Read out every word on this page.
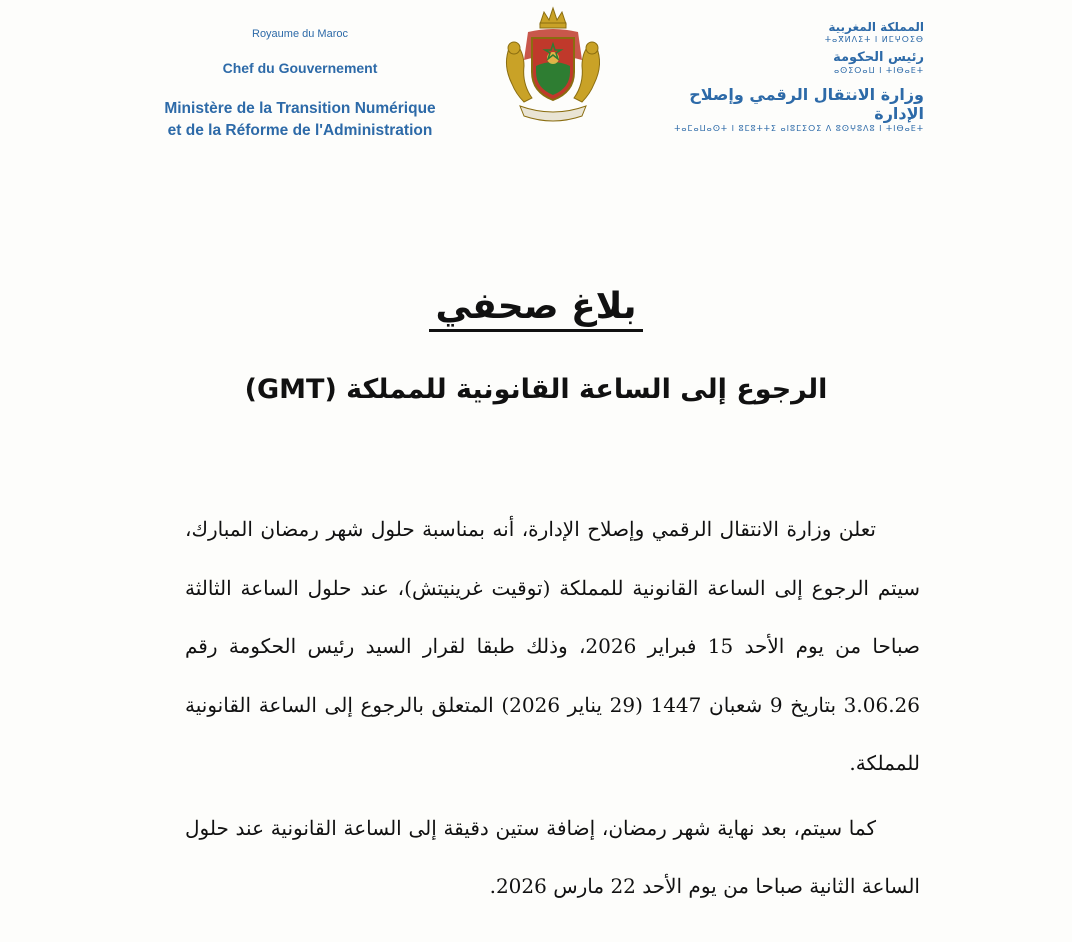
Royaume du Maroc
Chef du Gouvernement
Ministère de la Transition Numérique
et de la Réforme de l'Administration
المملكة المغربية
ⵜⴰⴳⵍⴷⵉⵜ ⵏ ⵍⵎⵖⵔⵉⴱ
رئيس الحكومة
ⴰⵙⵉⵔⴰⵡ ⵏ ⵜⵏⴱⴰⴹⵜ
وزارة الانتقال الرقمي وإصلاح الإدارة
ⵜⴰⵎⴰⵡⴰⵙⵜ ⵏ ⵓⵎⵓⵜⵜⵉ ⴰⵏⵓⵎⵉⵔⵉ ⴷ ⵓⵙⵖⵓⴷⵓ ⵏ ⵜⵏⴱⴰⴹⵜ
بلاغ صحفي
الرجوع إلى الساعة القانونية للمملكة (GMT)

تعلن وزارة الانتقال الرقمي وإصلاح الإدارة، أنه بمناسبة حلول شهر رمضان المبارك، سيتم الرجوع إلى الساعة القانونية للمملكة (توقيت غرينيتش)، عند حلول الساعة الثالثة صباحا من يوم الأحد 15 فبراير 2026، وذلك طبقا لقرار السيد رئيس الحكومة رقم 3.06.26 بتاريخ 9 شعبان 1447 (29 يناير 2026) المتعلق بالرجوع إلى الساعة القانونية للمملكة.

كما سيتم، بعد نهاية شهر رمضان، إضافة ستين دقيقة إلى الساعة القانونية عند حلول الساعة الثانية صباحا من يوم الأحد 22 مارس 2026.
